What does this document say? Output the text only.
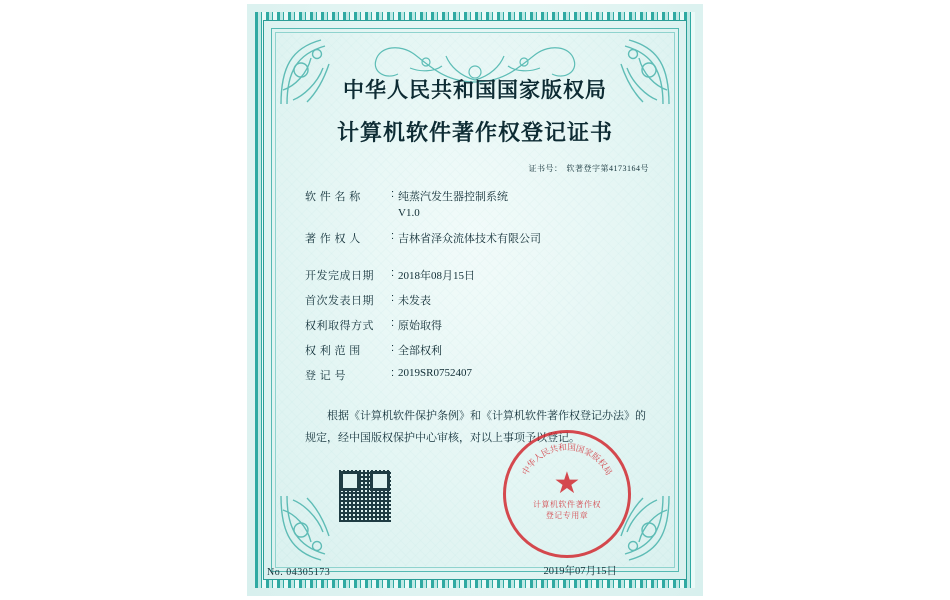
中华人民共和国国家版权局
计算机软件著作权登记证书
证书号： 软著登字第4173164号
软 件 名 称	: 纯蒸汽发生器控制系统
V1.0
著 作 权 人	: 吉林省泽众流体技术有限公司
开发完成日期	: 2018年08月15日
首次发表日期	: 未发表
权利取得方式	: 原始取得
权 利 范 围	: 全部权利
登 记 号	: 2019SR0752407
根据《计算机软件保护条例》和《计算机软件著作权登记办法》的
规定，经中国版权保护中心审核，对以上事项予以登记。
中
华
人
民
共
和 国
国
家
版
权
局
★
计算机软件著作权
登记专用章
No. 04305173	2019年07月15日
